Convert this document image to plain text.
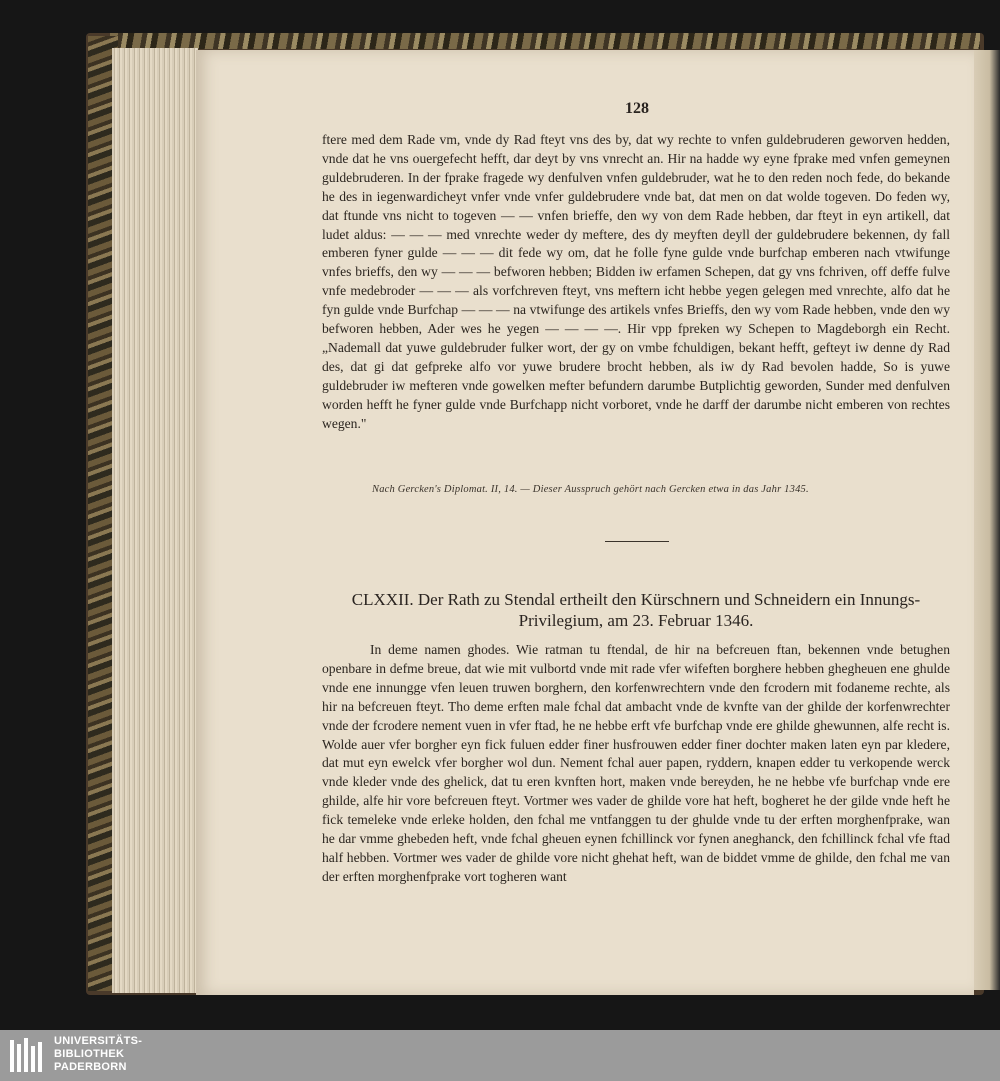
128

ftere med dem Rade vm, vnde dy Rad fteyt vns des by, dat wy rechte to vnfen guldebruderen geworven hedden, vnde dat he vns ouergefecht hefft, dar deyt by vns vnrecht an. Hir na hadde wy eyne fprake med vnfen gemeynen guldebruderen. In der fprake fragede wy denfulven vnfen guldebruder, wat he to den reden noch fede, do bekande he des in iegenwardicheyt vnfer vnde vnfer guldebrudere vnde bat, dat men on dat wolde togeven. Do feden wy, dat ftunde vns nicht to togeven — — vnfen brieffe, den wy von dem Rade hebben, dar fteyt in eyn artikell, dat ludet aldus: — — — med vnrechte weder dy meftere, des dy meyften deyll der guldebrudere bekennen, dy fall emberen fyner gulde — — — dit fede wy om, dat he folle fyne gulde vnde burfchap emberen nach vtwifunge vnfes brieffs, den wy — — — befworen hebben; Bidden iw erfamen Schepen, dat gy vns fchriven, off deffe fulve vnfe medebroder — — — als vorfchreven fteyt, vns meftern icht hebbe yegen gelegen med vnrechte, alfo dat he fyn gulde vnde Burfchap — — — na vtwifunge des artikels vnfes Brieffs, den wy vom Rade hebben, vnde den wy befworen hebben, Ader wes he yegen — — — —. Hir vpp fpreken wy Schepen to Magdeborgh ein Recht. „Nademall dat yuwe guldebruder fulker wort, der gy on vmbe fchuldigen, bekant hefft, gefteyt iw denne dy Rad des, dat gi dat gefpreke alfo vor yuwe brudere brocht hebben, als iw dy Rad bevolen hadde, So is yuwe guldebruder iw mefteren vnde gowelken mefter befundern darumbe Butplichtig geworden, Sunder med denfulven worden hefft he fyner gulde vnde Burfchapp nicht vorboret, vnde he darff der darumbe nicht emberen von rechtes wegen."

Nach Gercken's Diplomat. II, 14. — Dieser Ausspruch gehört nach Gercken etwa in das Jahr 1345.
CLXXII. Der Rath zu Stendal ertheilt den Kürschnern und Schneidern ein Innungs-
Privilegium, am 23. Februar 1346.

In deme namen ghodes. Wie ratman tu ftendal, de hir na befcreuen ftan, bekennen vnde betughen openbare in defme breue, dat wie mit vulbortd vnde mit rade vfer wifeften borghere hebben ghegheuen ene ghulde vnde ene innungge vfen leuen truwen borghern, den korfenwrechtern vnde den fcrodern mit fodaneme rechte, als hir na befcreuen fteyt. Tho deme erften male fchal dat ambacht vnde de kvnfte van der ghilde der korfenwrechter vnde der fcrodere nement vuen in vfer ftad, he ne hebbe erft vfe burfchap vnde ere ghilde ghewunnen, alfe recht is. Wolde auer vfer borgher eyn fick fuluen edder finer husfrouwen edder finer dochter maken laten eyn par kledere, dat mut eyn ewelck vfer borgher wol dun. Nement fchal auer papen, ryddern, knapen edder tu verkopende werck vnde kleder vnde des ghelick, dat tu eren kvnften hort, maken vnde bereyden, he ne hebbe vfe burfchap vnde ere ghilde, alfe hir vore befcreuen fteyt. Vortmer wes vader de ghilde vore hat heft, bogheret he der gilde vnde heft he fick temeleke vnde erleke holden, den fchal me vntfanggen tu der ghulde vnde tu der erften morghenfprake, wan he dar vmme ghebeden heft, vnde fchal gheuen eynen fchillinck vor fynen aneghanck, den fchillinck fchal vfe ftad half hebben. Vortmer wes vader de ghilde vore nicht ghehat heft, wan de biddet vmme de ghilde, den fchal me van der erften morghenfprake vort togheren want

UNIVERSITÄTS-
BIBLIOTHEK
PADERBORN
